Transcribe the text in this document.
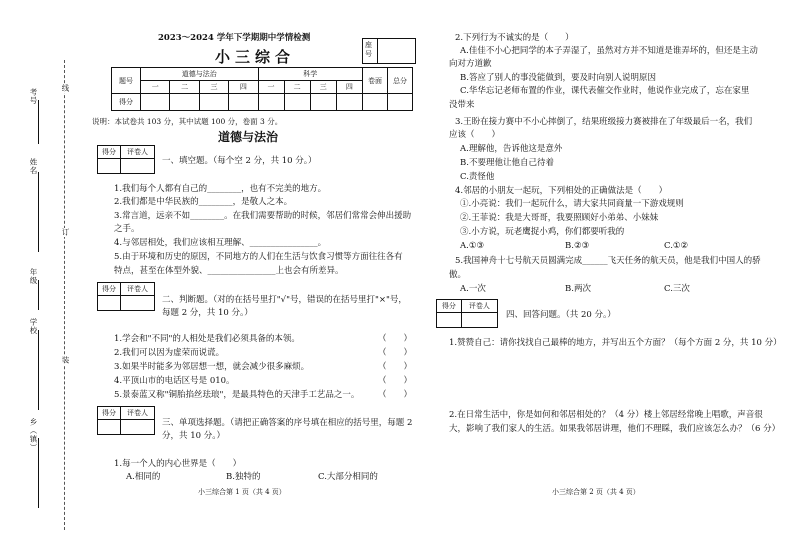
考号
姓名
年级
学校
乡（镇）
线
订
装
2023～2024 学年下学期期中学情检测
小三综合
座号
题号	道德与法治				科学				卷面	总分
	一	二	三	四	一	二	三	四		
得分										
说明：本试卷共 103 分，其中试题 100 分，卷面 3 分。
道德与法治
得分	评卷人

一、填空题。（每个空 2 分，共 10 分。）
1.我们每个人都有自己的________，也有不完美的地方。
2.我们都是中华民族的________，是敬人之本。
3.常言道，远亲不如________。在我们需要帮助的时候，邻居们常常会伸出援助
之手。
4.与邻居相处，我们应该相互理解、________________。
5.由于环境和历史的原因，不同地方的人们在生活与饮食习惯等方面往往各有
特点，甚至在体型外貌、________________上也会有所差异。
得分	评卷人

二、判断题。（对的在括号里打"√"号，错误的在括号里打"×"号，
每题 2 分，共 10 分。）
1.学会和"不同"的人相处是我们必须具备的本领。
2.我们可以因为虚荣而说谎。
3.如果半时能多为邻居想一想，就会减少很多麻烦。
4.平顶山市的电话区号是 010。
5.景泰蓝又称"铜胎掐丝珐琅"，是最具特色的天津手工艺品之一。
（　　）
（　　）
（　　）
（　　）
（　　）
得分	评卷人

三、单项选择题。（请把正确答案的序号填在相应的括号里，每题 2
分，共 10 分。）
1.每一个人的内心世界是（　　）
A.相同的	B.独特的	C.大部分相同的
小三综合第 1 页（共 4 页）
2.下列行为不诚实的是（　　）
A.佳佳不小心把同学的本子弄湿了，虽然对方并不知道是谁弄坏的，但还是主动
向对方道歉
B.答应了别人的事没能做到，要及时向别人说明原因
C.华华忘记老师布置的作业，课代表催交作业时，他说作业完成了，忘在家里
没带来
3.王盼在接力赛中不小心摔倒了，结果班级接力赛被排在了年级最后一名，我们
应该（　　）
A.理解他，告诉他这是意外
B.不要理他让他自己待着
C.责怪他
4.邻居的小朋友一起玩，下列相处的正确做法是（　　）
①.小亮说：我们一起玩什么，请大家共同商量一下游戏规则
②.王菲说：我是大哥哥，我要照顾好小弟弟、小妹妹
③.小方说，玩老鹰捉小鸡，你们都要听我的
A.①③	B.②③	C.①②
5.我国神舟十七号航天员圆满完成______飞天任务的航天员，他是我们中国人的骄
傲。
A.一次	B.两次	C.三次
得分	评卷人

四、回答问题。（共 20 分。）
1.赞赞自己：请你找找自己最棒的地方，并写出五个方面？（每个方面 2 分，共 10 分）
2.在日常生活中，你是如何和邻居相处的？（4 分）楼上邻居经常晚上唱歌，声音很
大，影响了我们家人的生活。如果我邻居讲理，他们不理睬，我们应该怎么办？（6 分）
小三综合第 2 页（共 4 页）
